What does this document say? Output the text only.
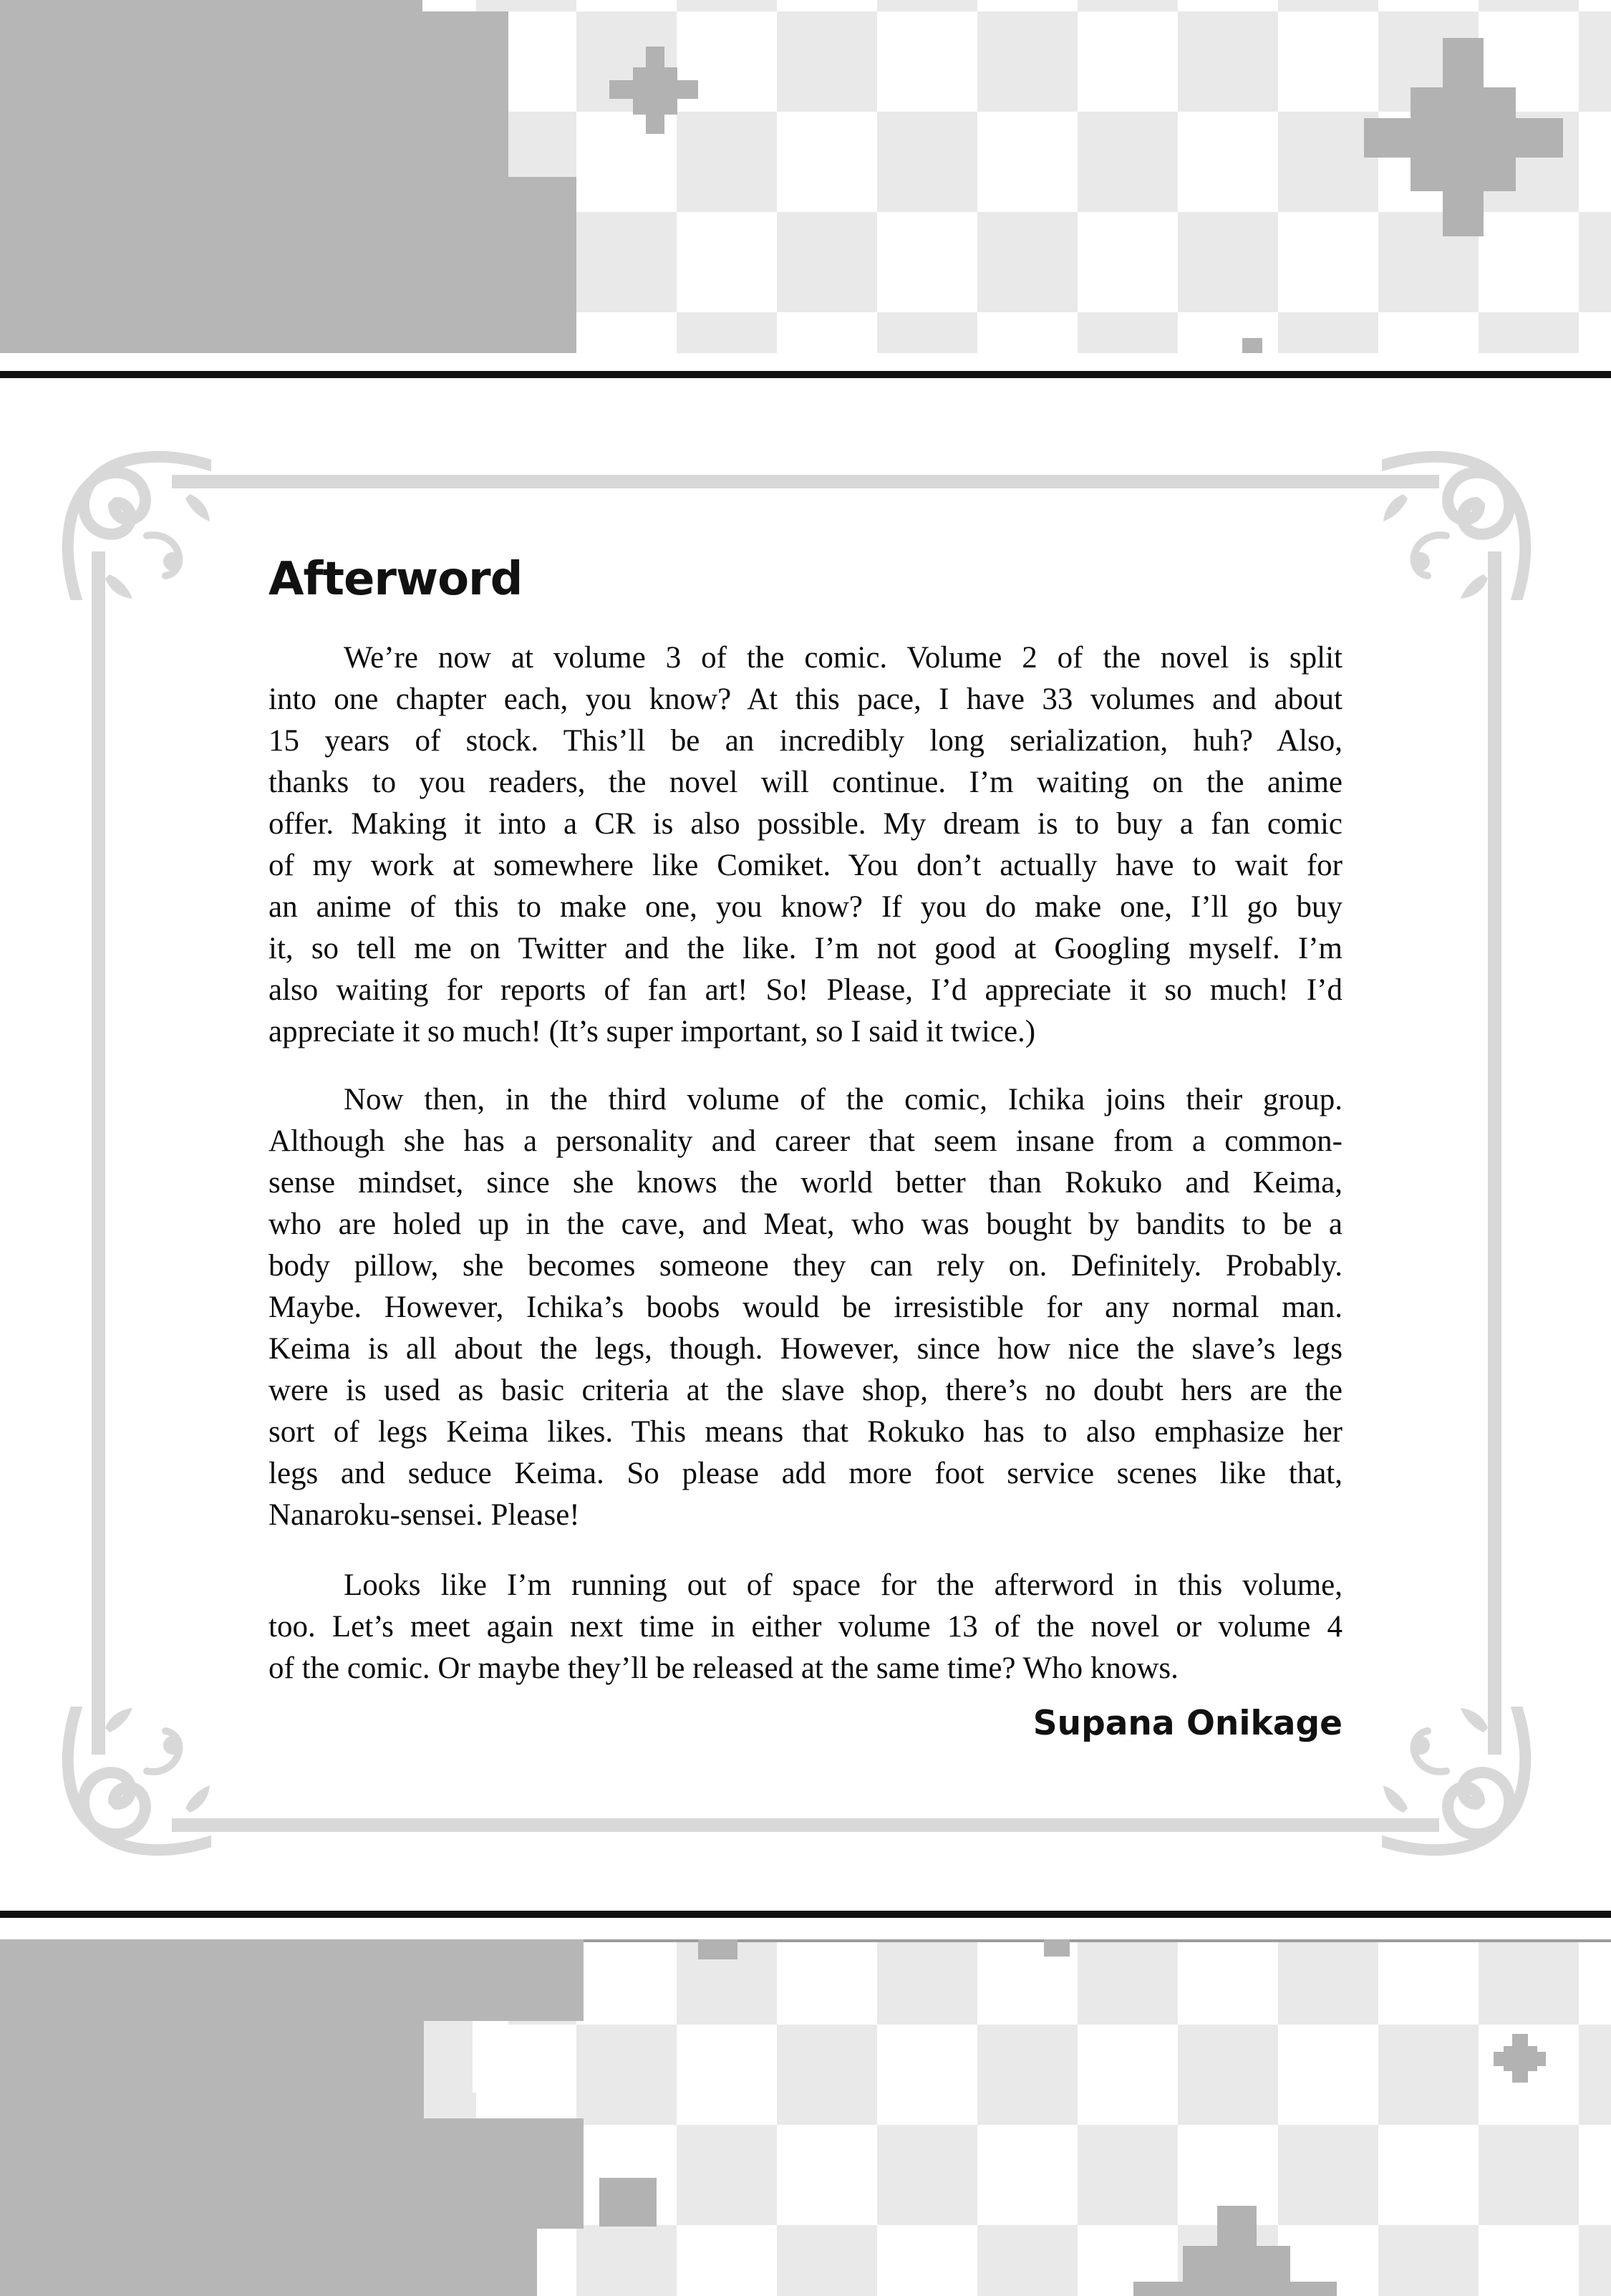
Afterword
We’re now at volume 3 of the comic. Volume 2 of the novel is split
into one chapter each, you know? At this pace, I have 33 volumes and about
15 years of stock. This’ll be an incredibly long serialization, huh? Also,
thanks to you readers, the novel will continue. I’m waiting on the anime
offer. Making it into a CR is also possible. My dream is to buy a fan comic
of my work at somewhere like Comiket. You don’t actually have to wait for
an anime of this to make one, you know? If you do make one, I’ll go buy
it, so tell me on Twitter and the like. I’m not good at Googling myself. I’m
also waiting for reports of fan art! So! Please, I’d appreciate it so much! I’d
appreciate it so much! (It’s super important, so I said it twice.)
Now then, in the third volume of the comic, Ichika joins their group.
Although she has a personality and career that seem insane from a common-
sense mindset, since she knows the world better than Rokuko and Keima,
who are holed up in the cave, and Meat, who was bought by bandits to be a
body pillow, she becomes someone they can rely on. Definitely. Probably.
Maybe. However, Ichika’s boobs would be irresistible for any normal man.
Keima is all about the legs, though. However, since how nice the slave’s legs
were is used as basic criteria at the slave shop, there’s no doubt hers are the
sort of legs Keima likes. This means that Rokuko has to also emphasize her
legs and seduce Keima. So please add more foot service scenes like that,
Nanaroku-sensei. Please!
Looks like I’m running out of space for the afterword in this volume,
too. Let’s meet again next time in either volume 13 of the novel or volume 4
of the comic. Or maybe they’ll be released at the same time? Who knows.
Supana Onikage
